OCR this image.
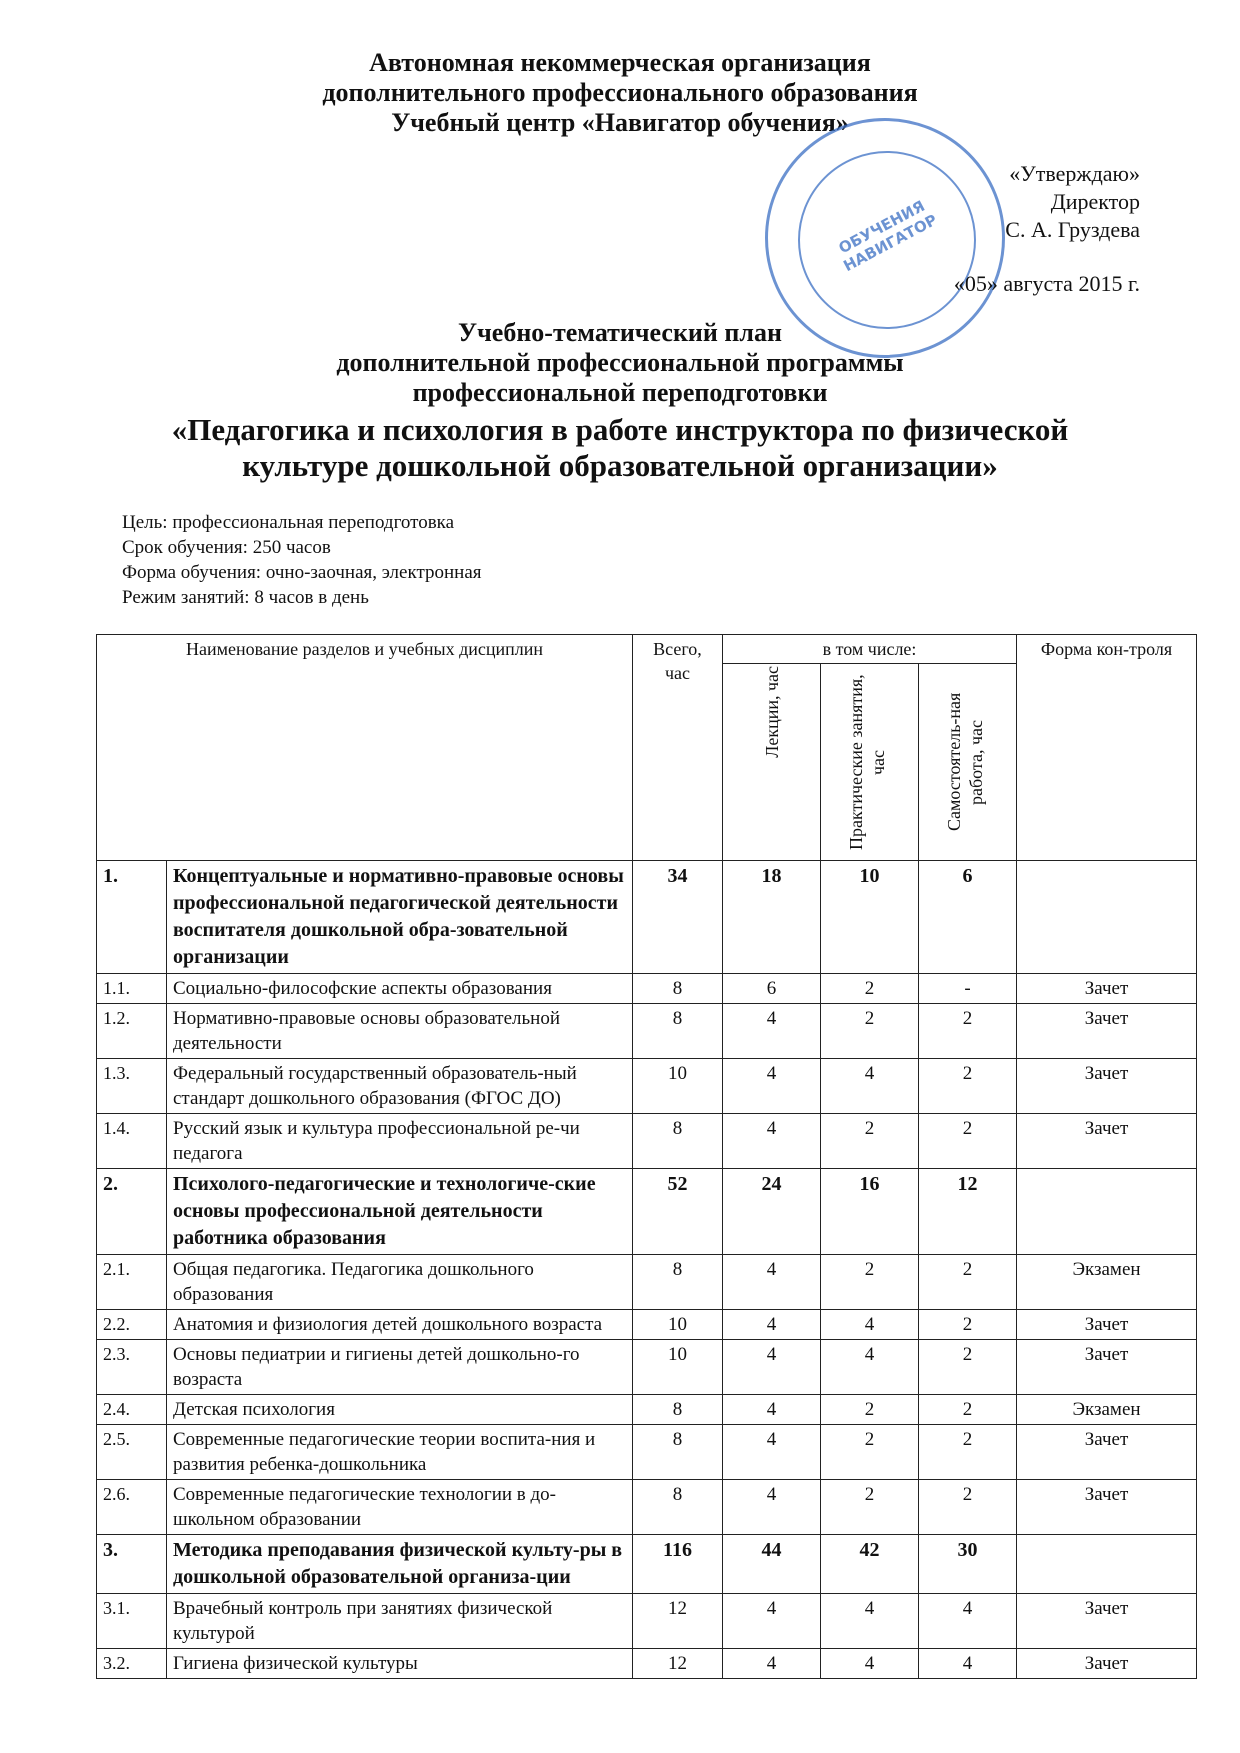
Автономная некоммерческая организация
дополнительного профессионального образования
Учебный центр «Навигатор обучения»
ОБУЧЕНИЯ НАВИГАТОР
«Утверждаю»
Директор
С. А. Груздева
«05» августа 2015 г.
Учебно-тематический план
дополнительной профессиональной программы
профессиональной переподготовки
«Педагогика и психология в работе инструктора по физической
культуре дошкольной образовательной организации»
Цель: профессиональная переподготовка
Срок обучения: 250 часов
Форма обучения: очно-заочная, электронная
Режим занятий: 8 часов в день
Наименование разделов и учебных дисциплин		Всего, час	в том числе:			Форма кон-троля

			Лекции, час	Практические занятия, час	Самостоятель-ная работа, час	

1.	Концептуальные и нормативно-правовые основы профессиональной педагогической деятельности воспитателя дошкольной обра-зовательной организации	34	18	10	6	
1.1.	Социально-философские аспекты образования	8	6	2	-	Зачет
1.2.	Нормативно-правовые основы образовательной деятельности	8	4	2	2	Зачет
1.3.	Федеральный государственный образователь-ный стандарт дошкольного образования (ФГОС ДО)	10	4	4	2	Зачет
1.4.	Русский язык и культура профессиональной ре-чи педагога	8	4	2	2	Зачет
2.	Психолого-педагогические и технологиче-ские основы профессиональной деятельности работника образования	52	24	16	12	
2.1.	Общая педагогика. Педагогика дошкольного образования	8	4	2	2	Экзамен
2.2.	Анатомия и физиология детей дошкольного возраста	10	4	4	2	Зачет
2.3.	Основы педиатрии и гигиены детей дошкольно-го возраста	10	4	4	2	Зачет
2.4.	Детская психология	8	4	2	2	Экзамен
2.5.	Современные педагогические теории воспита-ния и развития ребенка-дошкольника	8	4	2	2	Зачет
2.6.	Современные педагогические технологии в до-школьном образовании	8	4	2	2	Зачет
3.	Методика преподавания физической культу-ры в дошкольной образовательной организа-ции	116	44	42	30	
3.1.	Врачебный контроль при занятиях физической культурой	12	4	4	4	Зачет
3.2.	Гигиена физической культуры	12	4	4	4	Зачет
